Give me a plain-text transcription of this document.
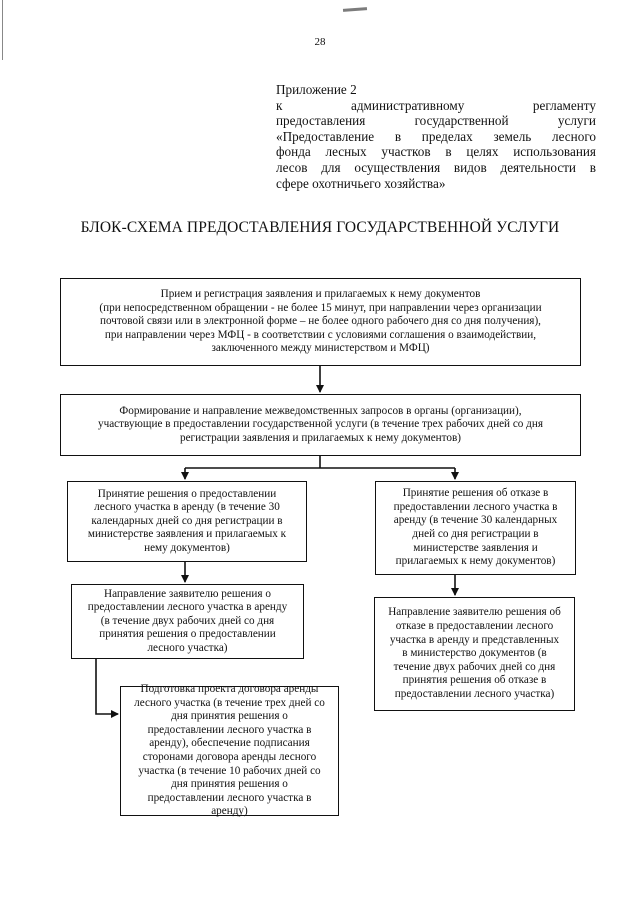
28
Приложение 2
к административному регламенту
предоставления государственной услуги
«Предоставление в пределах земель лесного
фонда лесных участков в целях использования
лесов для осуществления видов деятельности в
сфере охотничьего хозяйства»
БЛОК-СХЕМА ПРЕДОСТАВЛЕНИЯ ГОСУДАРСТВЕННОЙ УСЛУГИ
Прием и регистрация заявления и прилагаемых к нему документов
(при непосредственном обращении - не более 15 минут, при направлении через организации
почтовой связи или в электронной форме – не более одного рабочего дня со дня получения),
при направлении через МФЦ - в соответствии с условиями соглашения о взаимодействии,
заключенного между министерством и МФЦ)
Формирование и направление межведомственных запросов в органы (организации),
участвующие в предоставлении государственной услуги (в течение трех рабочих дней со дня
регистрации заявления и прилагаемых к нему документов)
Принятие решения о предоставлении
лесного участка в аренду (в течение 30
календарных дней со дня регистрации в
министерстве заявления и прилагаемых к
нему документов)
Принятие решения об отказе в
предоставлении лесного участка в
аренду (в течение 30 календарных
дней со дня регистрации в
министерстве заявления и
прилагаемых к нему документов)
Направление заявителю решения о
предоставлении лесного участка в аренду
(в течение двух рабочих дней со дня
принятия решения о предоставлении
лесного участка)
Направление заявителю решения об
отказе в предоставлении лесного
участка в аренду и представленных
в министерство документов (в
течение двух рабочих дней со дня
принятия решения об отказе в
предоставлении лесного участка)
Подготовка проекта договора аренды
лесного участка (в течение трех дней со
дня принятия решения о
предоставлении лесного участка в
аренду), обеспечение подписания
сторонами договора аренды лесного
участка (в течение 10 рабочих дней со
дня принятия решения о
предоставлении лесного участка в
аренду)
